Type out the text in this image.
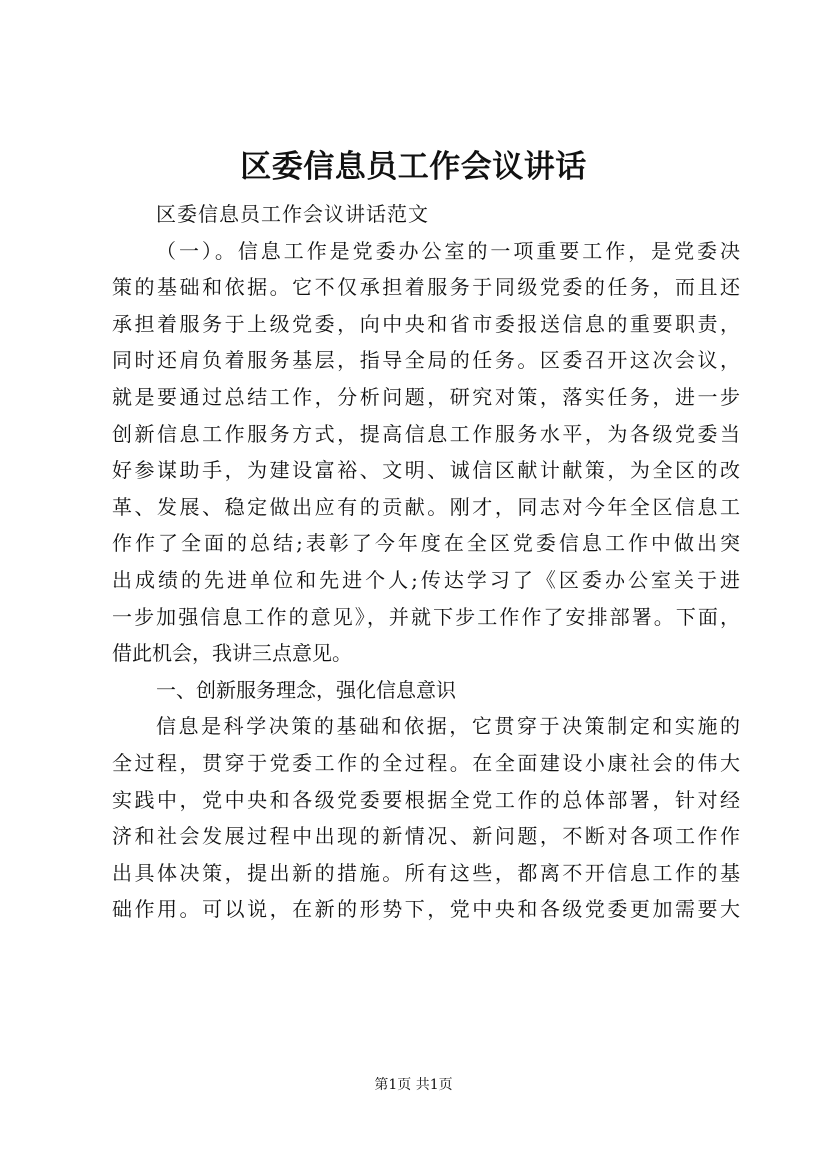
区委信息员工作会议讲话
区委信息员工作会议讲话范文
（一）。信息工作是党委办公室的一项重要工作，是党委决
策的基础和依据。它不仅承担着服务于同级党委的任务，而且还
承担着服务于上级党委，向中央和省市委报送信息的重要职责，
同时还肩负着服务基层，指导全局的任务。区委召开这次会议，
就是要通过总结工作，分析问题，研究对策，落实任务，进一步
创新信息工作服务方式，提高信息工作服务水平，为各级党委当
好参谋助手，为建设富裕、文明、诚信区献计献策，为全区的改
革、发展、稳定做出应有的贡献。刚才，同志对今年全区信息工
作作了全面的总结;表彰了今年度在全区党委信息工作中做出突
出成绩的先进单位和先进个人;传达学习了《区委办公室关于进
一步加强信息工作的意见》，并就下步工作作了安排部署。下面，
借此机会，我讲三点意见。
一、创新服务理念，强化信息意识
信息是科学决策的基础和依据，它贯穿于决策制定和实施的
全过程，贯穿于党委工作的全过程。在全面建设小康社会的伟大
实践中，党中央和各级党委要根据全党工作的总体部署，针对经
济和社会发展过程中出现的新情况、新问题，不断对各项工作作
出具体决策，提出新的措施。所有这些，都离不开信息工作的基
础作用。可以说，在新的形势下，党中央和各级党委更加需要大
第1页 共1页
